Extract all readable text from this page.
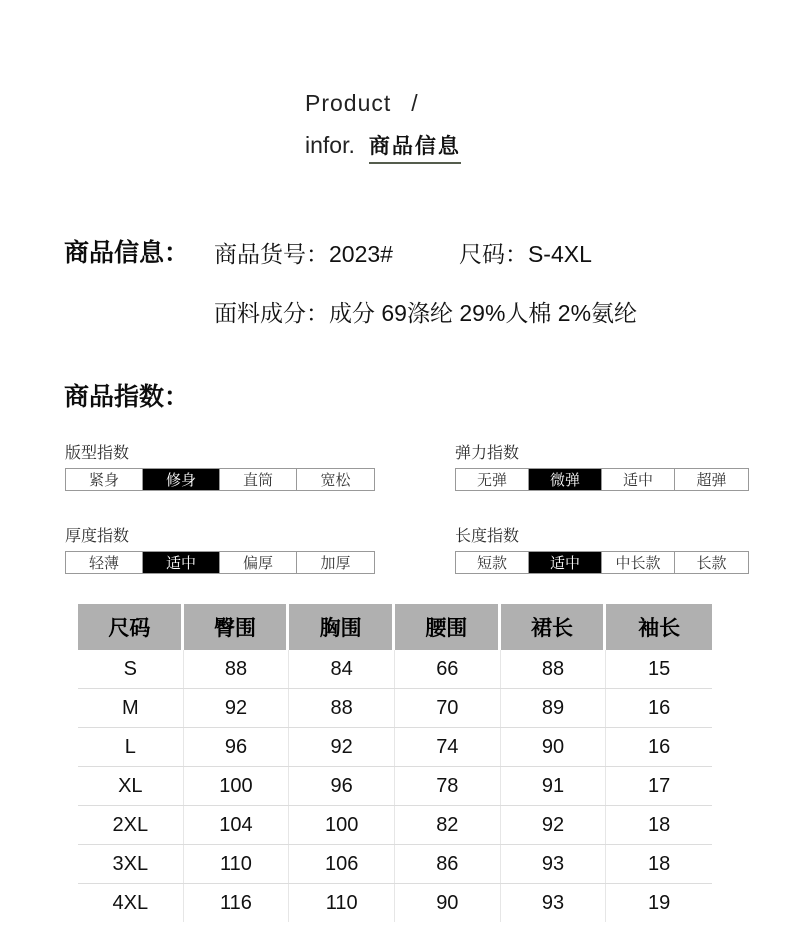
Product /
infor. 商品信息
商品信息： 商品货号：2023#	尺码：S-4XL
面料成分：成分 69涤纶 29%人棉 2%氨纶
商品指数：
版型指数
紧身	修身	直筒	宽松
弹力指数
无弹	微弹	适中	超弹
厚度指数
轻薄	适中	偏厚	加厚
长度指数
短款	适中	中长款	长款
尺码	臀围	胸围	腰围	裙长	袖长
S	88	84	66	88	15
M	92	88	70	89	16
L	96	92	74	90	16
XL	100	96	78	91	17
2XL	104	100	82	92	18
3XL	110	106	86	93	18
4XL	116	110	90	93	19
